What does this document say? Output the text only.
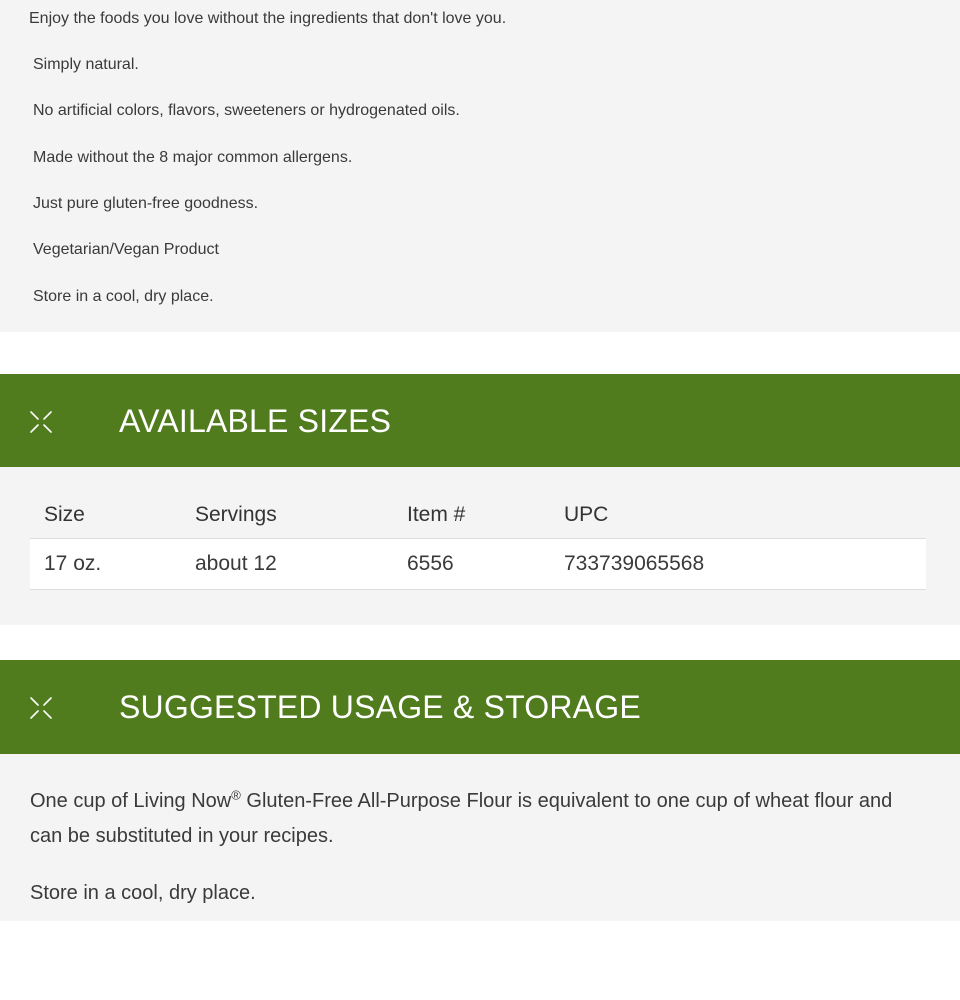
Enjoy the foods you love without the ingredients that don't love you.

Simply natural.
No artificial colors, flavors, sweeteners or hydrogenated oils.
Made without the 8 major common allergens.
Just pure gluten-free goodness.
Vegetarian/Vegan Product
Store in a cool, dry place.
AVAILABLE SIZES
Size	Servings	Item #	UPC
17 oz.	about 12	6556	733739065568
SUGGESTED USAGE & STORAGE

One cup of Living Now® Gluten-Free All-Purpose Flour is equivalent to one cup of wheat flour and can be substituted in your recipes.

Store in a cool, dry place.
